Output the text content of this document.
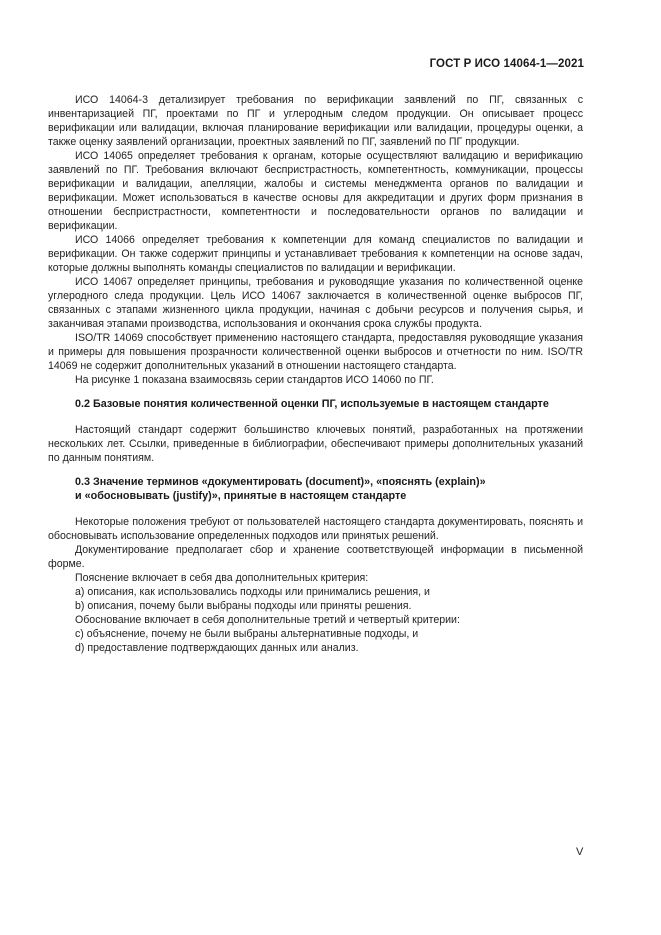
ГОСТ Р ИСО 14064-1—2021

ИСО 14064-3 детализирует требования по верификации заявлений по ПГ, связанных с инвентаризацией ПГ, проектами по ПГ и углеродным следом продукции. Он описывает процесс верификации или валидации, включая планирование верификации или валидации, процедуры оценки, а также оценку заявлений организации, проектных заявлений по ПГ, заявлений по ПГ продукции.

ИСО 14065 определяет требования к органам, которые осуществляют валидацию и верификацию заявлений по ПГ. Требования включают беспристрастность, компетентность, коммуникации, процессы верификации и валидации, апелляции, жалобы и системы менеджмента органов по валидации и верификации. Может использоваться в качестве основы для аккредитации и других форм признания в отношении беспристрастности, компетентности и последовательности органов по валидации и верификации.

ИСО 14066 определяет требования к компетенции для команд специалистов по валидации и верификации. Он также содержит принципы и устанавливает требования к компетенции на основе задач, которые должны выполнять команды специалистов по валидации и верификации.

ИСО 14067 определяет принципы, требования и руководящие указания по количественной оценке углеродного следа продукции. Цель ИСО 14067 заключается в количественной оценке выбросов ПГ, связанных с этапами жизненного цикла продукции, начиная с добычи ресурсов и получения сырья, и заканчивая этапами производства, использования и окончания срока службы продукта.

ISO/TR 14069 способствует применению настоящего стандарта, предоставляя руководящие указания и примеры для повышения прозрачности количественной оценки выбросов и отчетности по ним. ISO/TR 14069 не содержит дополнительных указаний в отношении настоящего стандарта.

На рисунке 1 показана взаимосвязь серии стандартов ИСО 14060 по ПГ.

0.2 Базовые понятия количественной оценки ПГ, используемые в настоящем стандарте

Настоящий стандарт содержит большинство ключевых понятий, разработанных на протяжении нескольких лет. Ссылки, приведенные в библиографии, обеспечивают примеры дополнительных указаний по данным понятиям.

0.3 Значение терминов «документировать (document)», «пояснять (explain)»

и «обосновывать (justify)», принятые в настоящем стандарте

Некоторые положения требуют от пользователей настоящего стандарта документировать, пояснять и обосновывать использование определенных подходов или принятых решений.

Документирование предполагает сбор и хранение соответствующей информации в письменной форме.

Пояснение включает в себя два дополнительных критерия:

a) описания, как использовались подходы или принимались решения, и

b) описания, почему были выбраны подходы или приняты решения.

Обоснование включает в себя дополнительные третий и четвертый критерии:

c) объяснение, почему не были выбраны альтернативные подходы, и

d) предоставление подтверждающих данных или анализ.

V
